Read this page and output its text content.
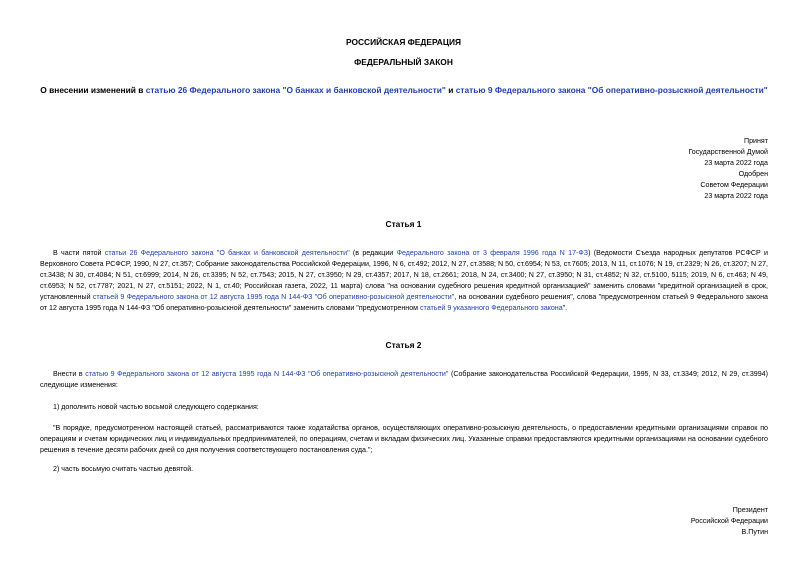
РОССИЙСКАЯ ФЕДЕРАЦИЯ
ФЕДЕРАЛЬНЫЙ ЗАКОН
О внесении изменений в статью 26 Федерального закона "О банках и банковской деятельности" и статью 9 Федерального закона "Об оперативно-розыскной деятельности"
Принят
Государственной Думой
23 марта 2022 года
Одобрен
Советом Федерации
23 марта 2022 года
Статья 1
В части пятой статьи 26 Федерального закона "О банках и банковской деятельности" (в редакции Федерального закона от 3 февраля 1996 года N 17-ФЗ) (Ведомости Съезда народных депутатов РСФСР и Верховного Совета РСФСР, 1990, N 27, ст.357; Собрание законодательства Российской Федерации, 1996, N 6, ст.492; 2012, N 27, ст.3588; N 50, ст.6954; N 53, ст.7605; 2013, N 11, ст.1076; N 19, ст.2329; N 26, ст.3207; N 27, ст.3438; N 30, ст.4084; N 51, ст.6999; 2014, N 26, ст.3395; N 52, ст.7543; 2015, N 27, ст.3950; N 29, ст.4357; 2017, N 18, ст.2661; 2018, N 24, ст.3400; N 27, ст.3950; N 31, ст.4852; N 32, ст.5100, 5115; 2019, N 6, ст.463; N 49, ст.6953; N 52, ст.7787; 2021, N 27, ст.5151; 2022, N 1, ст.40; Российская газета, 2022, 11 марта) слова "на основании судебного решения кредитной организацией" заменить словами "кредитной организацией в срок, установленный статьей 9 Федерального закона от 12 августа 1995 года N 144-ФЗ "Об оперативно-розыскной деятельности", на основании судебного решения", слова "предусмотренном статьей 9 Федерального закона от 12 августа 1995 года N 144-ФЗ "Об оперативно-розыскной деятельности" заменить словами "предусмотренном статьей 9 указанного Федерального закона".
Статья 2
Внести в статью 9 Федерального закона от 12 августа 1995 года N 144-ФЗ "Об оперативно-розыскной деятельности" (Собрание законодательства Российской Федерации, 1995, N 33, ст.3349; 2012, N 29, ст.3994) следующие изменения:
1) дополнить новой частью восьмой следующего содержания:
"В порядке, предусмотренном настоящей статьей, рассматриваются также ходатайства органов, осуществляющих оперативно-розыскную деятельность, о предоставлении кредитными организациями справок по операциям и счетам юридических лиц и индивидуальных предпринимателей, по операциям, счетам и вкладам физических лиц. Указанные справки предоставляются кредитными организациями на основании судебного решения в течение десяти рабочих дней со дня получения соответствующего постановления суда.";
2) часть восьмую считать частью девятой.
Президент
Российской Федерации
В.Путин
